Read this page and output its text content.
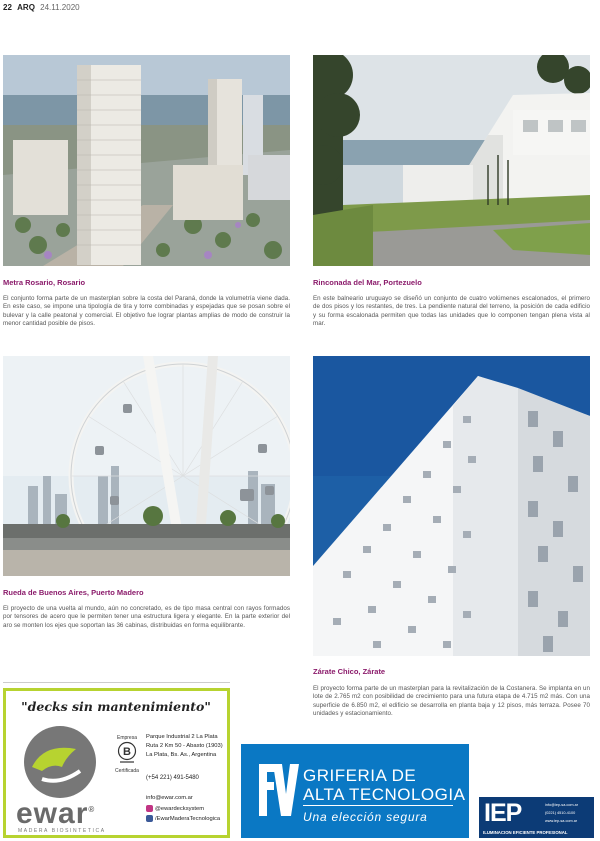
22 ARQ 24.11.2020
Metra Rosario, Rosario
El conjunto forma parte de un masterplan sobre la costa del Paraná, donde la volumetría viene dada. En este caso, se impone una tipología de tira y torre combinadas y espejadas que se posan sobre el bulevar y la calle peatonal y comercial. El objetivo fue lograr plantas amplias de modo de construir la menor cantidad posible de pisos.
Rinconada del Mar, Portezuelo
En este balneario uruguayo se diseñó un conjunto de cuatro volúmenes escalonados, el primero de dos pisos y los restantes, de tres. La pendiente natural del terreno, la posición de cada edificio y su forma escalonada permiten que todas las unidades que lo componen tengan plena vista al mar.
Rueda de Buenos Aires, Puerto Madero
El proyecto de una vuelta al mundo, aún no concretado, es de tipo masa central con rayos formados por tensores de acero que le permiten tener una estructura ligera y elegante. En la parte exterior del aro se monten los ejes que soportan las 36 cabinas, distribuidas en forma equilibrante.
Zárate Chico, Zárate
El proyecto forma parte de un masterplan para la revitalización de la Costanera. Se implanta en un lote de 2.765 m2 con posibilidad de crecimiento para una futura etapa de 4.715 m2 más. Con una superficie de 6.850 m2, el edificio se desarrolla en planta baja y 12 pisos, más terraza. Posee 70 unidades y estacionamiento.
"decks sin mantenimiento"
Empresa
B
Certificada
Parque Industrial 2 La Plata
Ruta 2 Km 50 - Abasto (1903)
La Plata, Bs. As., Argentina
(+54 221) 491-5480
info@ewar.com.ar
@ewardecksystem
/EwarMaderaTecnologica
ewar®
MADERA BIOSINTETICA
fv
GRIFERIA DE
ALTA TECNOLOGIA
Una elección segura IEP	info@iep-sa.com.ar
(0221) 4510-4100
www.iep-sa.com.ar
ILUMINACION EFICIENTE PROFESIONAL
